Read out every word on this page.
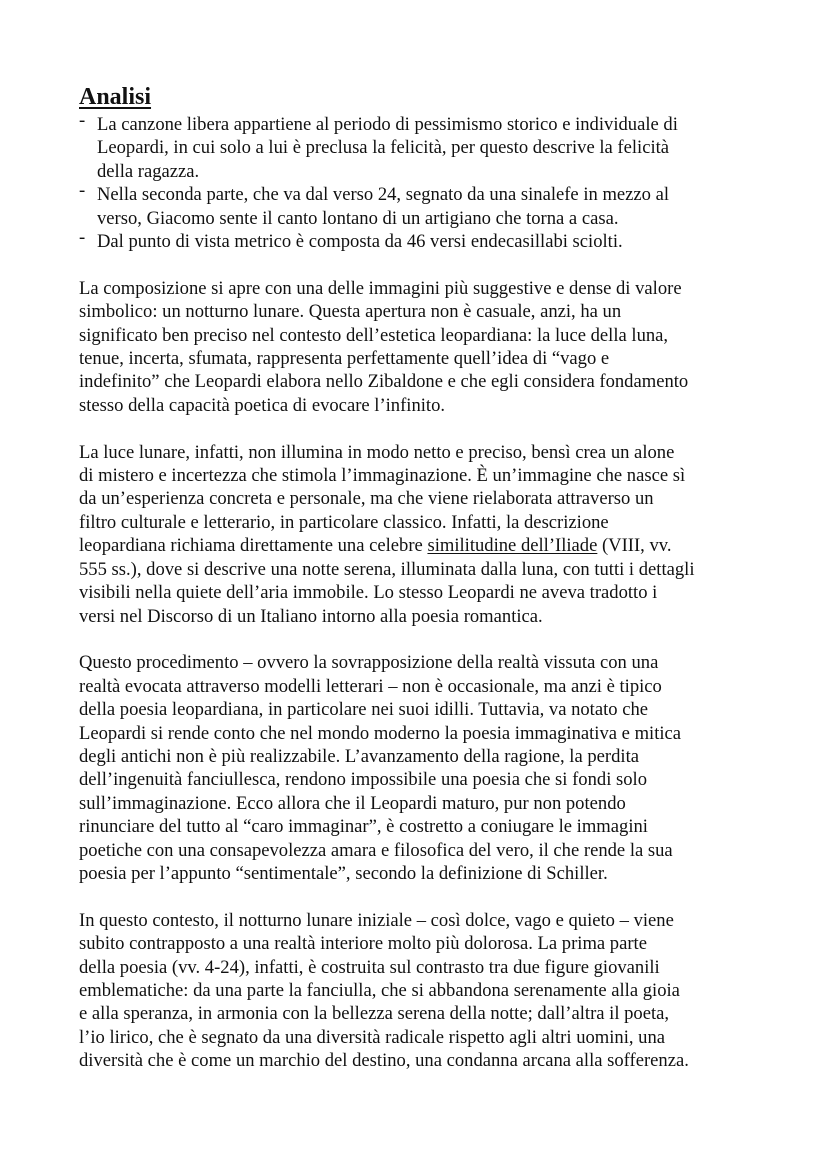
Analisi
- La canzone libera appartiene al periodo di pessimismo storico e individuale di
Leopardi, in cui solo a lui è preclusa la felicità, per questo descrive la felicità
della ragazza.
- Nella seconda parte, che va dal verso 24, segnato da una sinalefe in mezzo al
verso, Giacomo sente il canto lontano di un artigiano che torna a casa.
- Dal punto di vista metrico è composta da 46 versi endecasillabi sciolti.
La composizione si apre con una delle immagini più suggestive e dense di valore
simbolico: un notturno lunare. Questa apertura non è casuale, anzi, ha un
significato ben preciso nel contesto dell’estetica leopardiana: la luce della luna,
tenue, incerta, sfumata, rappresenta perfettamente quell’idea di “vago e
indefinito” che Leopardi elabora nello Zibaldone e che egli considera fondamento
stesso della capacità poetica di evocare l’infinito.
La luce lunare, infatti, non illumina in modo netto e preciso, bensì crea un alone
di mistero e incertezza che stimola l’immaginazione. È un’immagine che nasce sì
da un’esperienza concreta e personale, ma che viene rielaborata attraverso un
filtro culturale e letterario, in particolare classico. Infatti, la descrizione
leopardiana richiama direttamente una celebre similitudine dell’Iliade (VIII, vv.
555 ss.), dove si descrive una notte serena, illuminata dalla luna, con tutti i dettagli
visibili nella quiete dell’aria immobile. Lo stesso Leopardi ne aveva tradotto i
versi nel Discorso di un Italiano intorno alla poesia romantica.
Questo procedimento – ovvero la sovrapposizione della realtà vissuta con una
realtà evocata attraverso modelli letterari – non è occasionale, ma anzi è tipico
della poesia leopardiana, in particolare nei suoi idilli. Tuttavia, va notato che
Leopardi si rende conto che nel mondo moderno la poesia immaginativa e mitica
degli antichi non è più realizzabile. L’avanzamento della ragione, la perdita
dell’ingenuità fanciullesca, rendono impossibile una poesia che si fondi solo
sull’immaginazione. Ecco allora che il Leopardi maturo, pur non potendo
rinunciare del tutto al “caro immaginar”, è costretto a coniugare le immagini
poetiche con una consapevolezza amara e filosofica del vero, il che rende la sua
poesia per l’appunto “sentimentale”, secondo la definizione di Schiller.
In questo contesto, il notturno lunare iniziale – così dolce, vago e quieto – viene
subito contrapposto a una realtà interiore molto più dolorosa. La prima parte
della poesia (vv. 4-24), infatti, è costruita sul contrasto tra due figure giovanili
emblematiche: da una parte la fanciulla, che si abbandona serenamente alla gioia
e alla speranza, in armonia con la bellezza serena della notte; dall’altra il poeta,
l’io lirico, che è segnato da una diversità radicale rispetto agli altri uomini, una
diversità che è come un marchio del destino, una condanna arcana alla sofferenza.
